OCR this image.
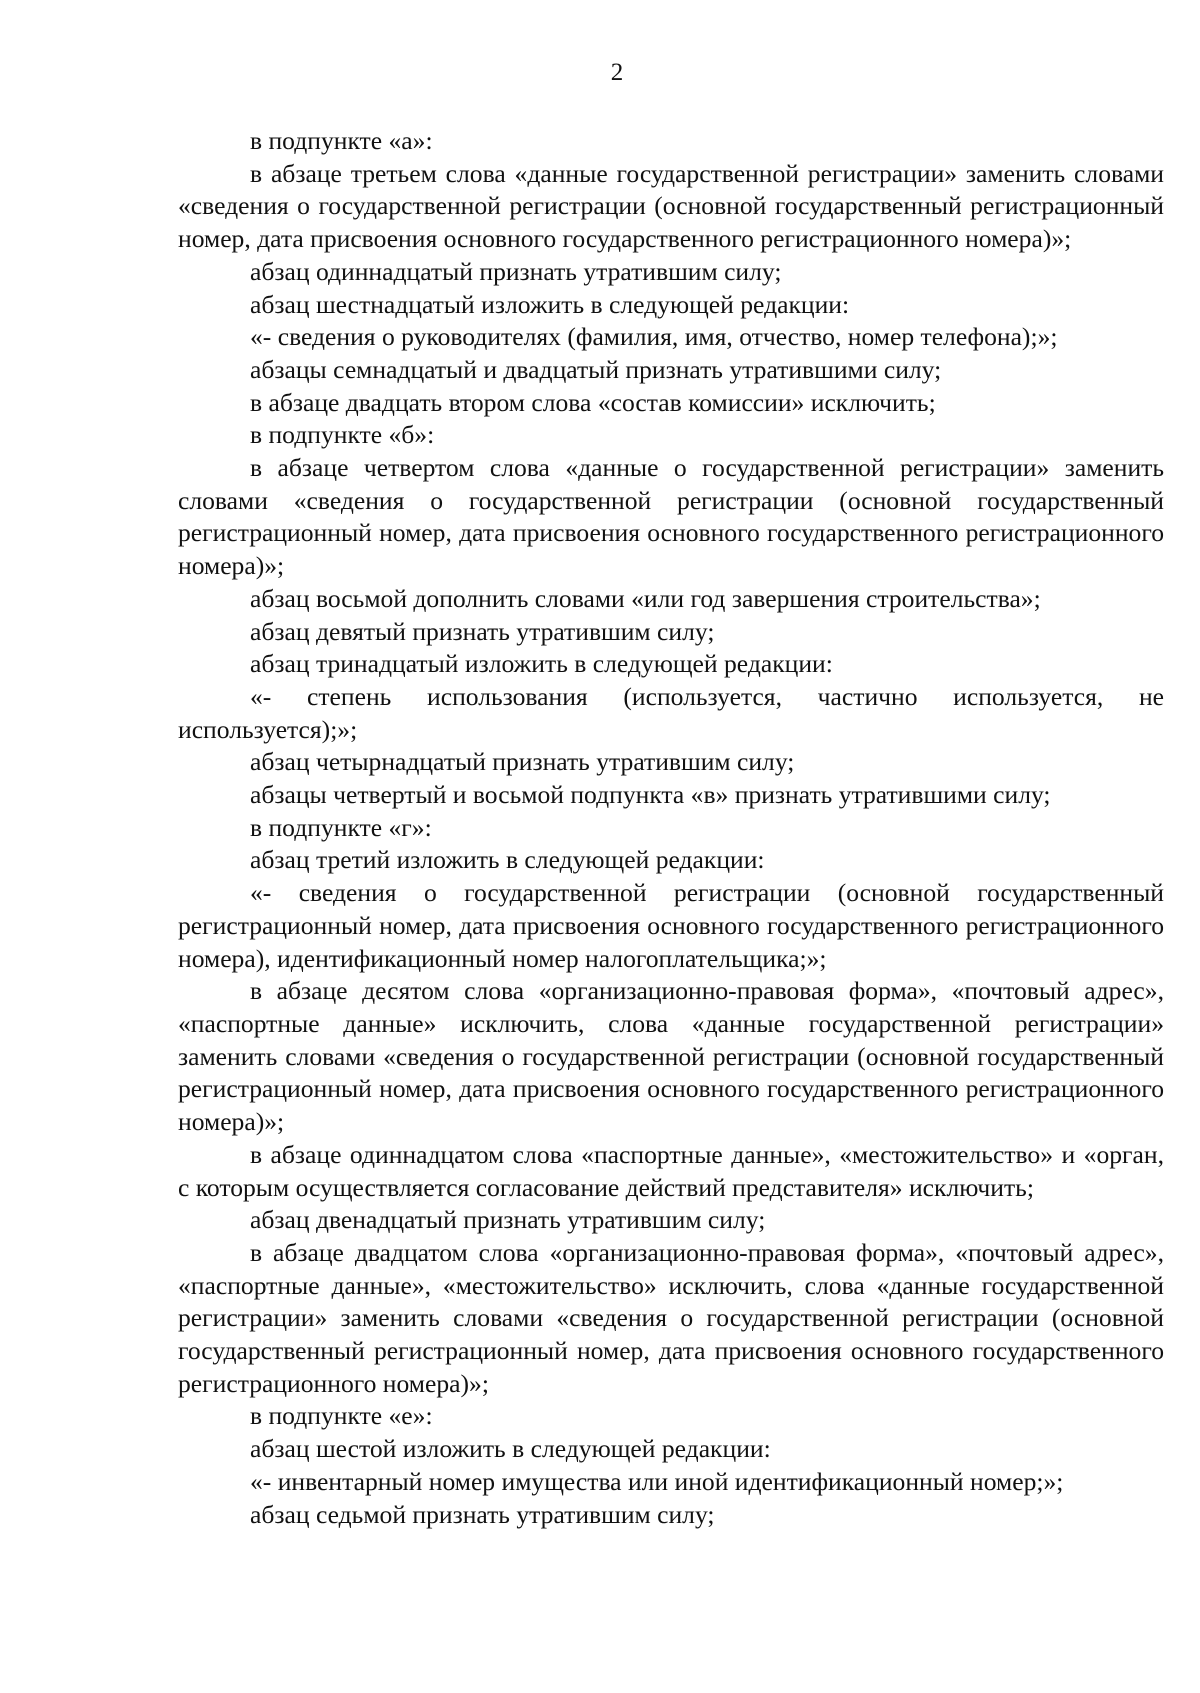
2

в подпункте «а»:

в абзаце третьем слова «данные государственной регистрации» заменить словами «сведения о государственной регистрации (основной государственный регистрационный номер, дата присвоения основного государственного регистрационного номера)»;

абзац одиннадцатый признать утратившим силу;

абзац шестнадцатый изложить в следующей редакции:

«- сведения о руководителях (фамилия, имя, отчество, номер телефона);»;

абзацы семнадцатый и двадцатый признать утратившими силу;

в абзаце двадцать втором слова «состав комиссии» исключить;

в подпункте «б»:

в абзаце четвертом слова «данные о государственной регистрации» заменить словами «сведения о государственной регистрации (основной государственный регистрационный номер, дата присвоения основного государственного регистрационного номера)»;

абзац восьмой дополнить словами «или год завершения строительства»;

абзац девятый признать утратившим силу;

абзац тринадцатый изложить в следующей редакции:

«- степень использования (используется, частично используется, не используется);»;

абзац четырнадцатый признать утратившим силу;

абзацы четвертый и восьмой подпункта «в» признать утратившими силу;

в подпункте «г»:

абзац третий изложить в следующей редакции:

«- сведения о государственной регистрации (основной государственный регистрационный номер, дата присвоения основного государственного регистрационного номера), идентификационный номер налогоплательщика;»;

в абзаце десятом слова «организационно-правовая форма», «почтовый адрес», «паспортные данные» исключить, слова «данные государственной регистрации» заменить словами «сведения о государственной регистрации (основной государственный регистрационный номер, дата присвоения основного государственного регистрационного номера)»;

в абзаце одиннадцатом слова «паспортные данные», «местожительство» и «орган, с которым осуществляется согласование действий представителя» исключить;

абзац двенадцатый признать утратившим силу;

в абзаце двадцатом слова «организационно-правовая форма», «почтовый адрес», «паспортные данные», «местожительство» исключить, слова «данные государственной регистрации» заменить словами «сведения о государственной регистрации (основной государственный регистрационный номер, дата присвоения основного государственного регистрационного номера)»;

в подпункте «е»:

абзац шестой изложить в следующей редакции:

«- инвентарный номер имущества или иной идентификационный номер;»;

абзац седьмой признать утратившим силу;
